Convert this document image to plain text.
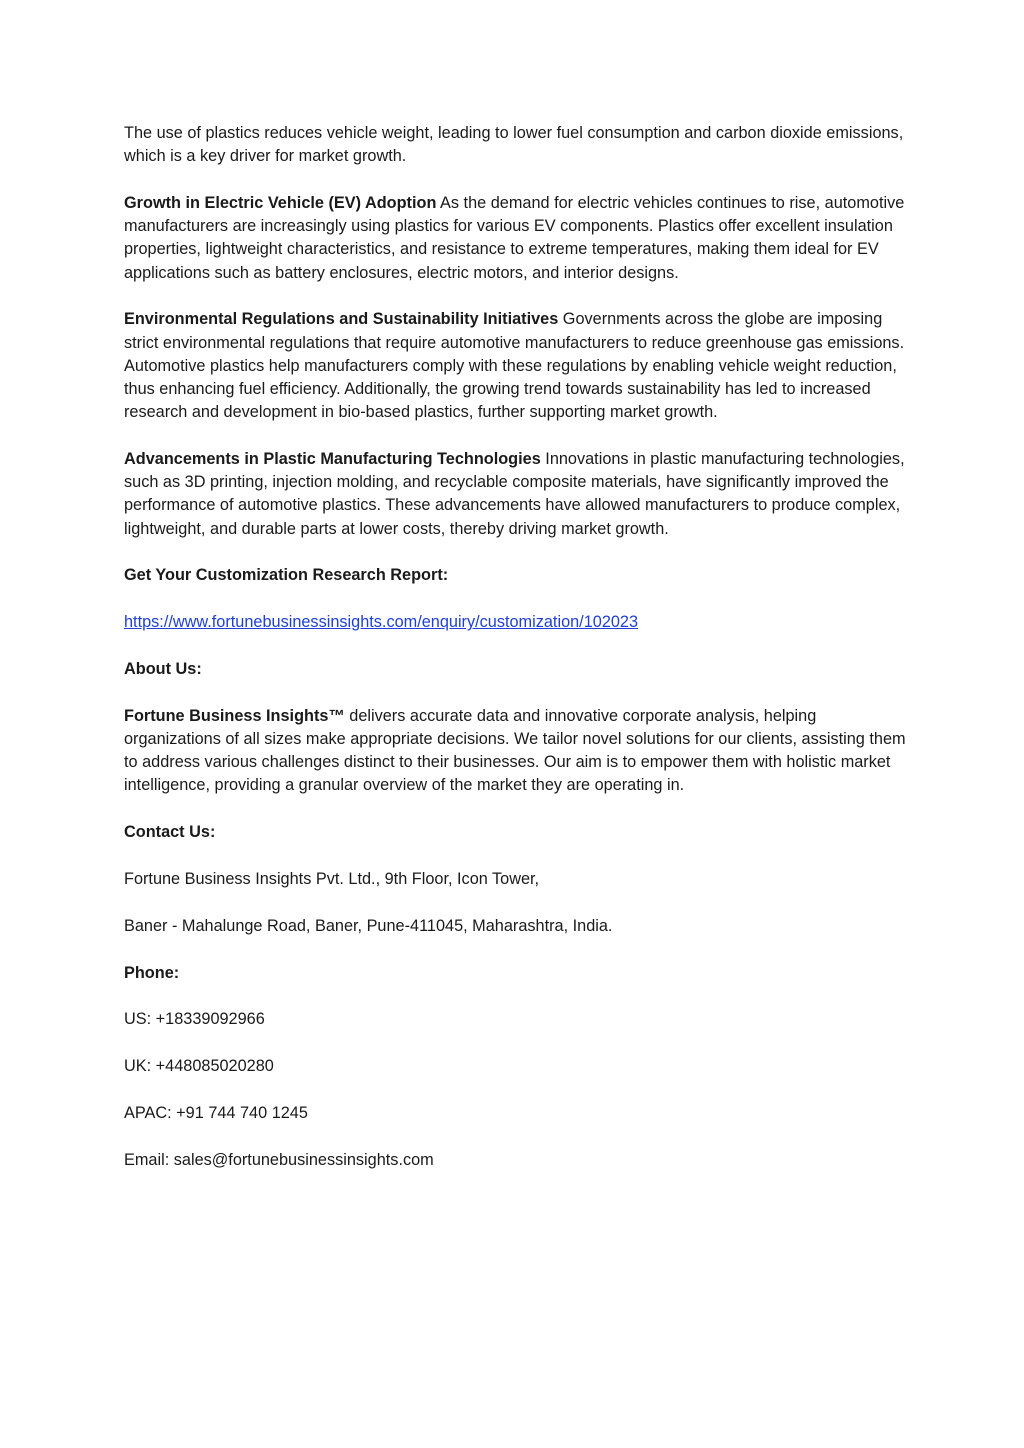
The use of plastics reduces vehicle weight, leading to lower fuel consumption and carbon dioxide emissions, which is a key driver for market growth.

Growth in Electric Vehicle (EV) Adoption As the demand for electric vehicles continues to rise, automotive manufacturers are increasingly using plastics for various EV components. Plastics offer excellent insulation properties, lightweight characteristics, and resistance to extreme temperatures, making them ideal for EV applications such as battery enclosures, electric motors, and interior designs.

Environmental Regulations and Sustainability Initiatives Governments across the globe are imposing strict environmental regulations that require automotive manufacturers to reduce greenhouse gas emissions. Automotive plastics help manufacturers comply with these regulations by enabling vehicle weight reduction, thus enhancing fuel efficiency. Additionally, the growing trend towards sustainability has led to increased research and development in bio-based plastics, further supporting market growth.

Advancements in Plastic Manufacturing Technologies Innovations in plastic manufacturing technologies, such as 3D printing, injection molding, and recyclable composite materials, have significantly improved the performance of automotive plastics. These advancements have allowed manufacturers to produce complex, lightweight, and durable parts at lower costs, thereby driving market growth.

Get Your Customization Research Report:

https://www.fortunebusinessinsights.com/enquiry/customization/102023

About Us:

Fortune Business Insights™ delivers accurate data and innovative corporate analysis, helping organizations of all sizes make appropriate decisions. We tailor novel solutions for our clients, assisting them to address various challenges distinct to their businesses. Our aim is to empower them with holistic market intelligence, providing a granular overview of the market they are operating in.

Contact Us:

Fortune Business Insights Pvt. Ltd., 9th Floor, Icon Tower,

Baner - Mahalunge Road, Baner, Pune-411045, Maharashtra, India.

Phone:

US: +18339092966

UK: +448085020280

APAC: +91 744 740 1245

Email: sales@fortunebusinessinsights.com
